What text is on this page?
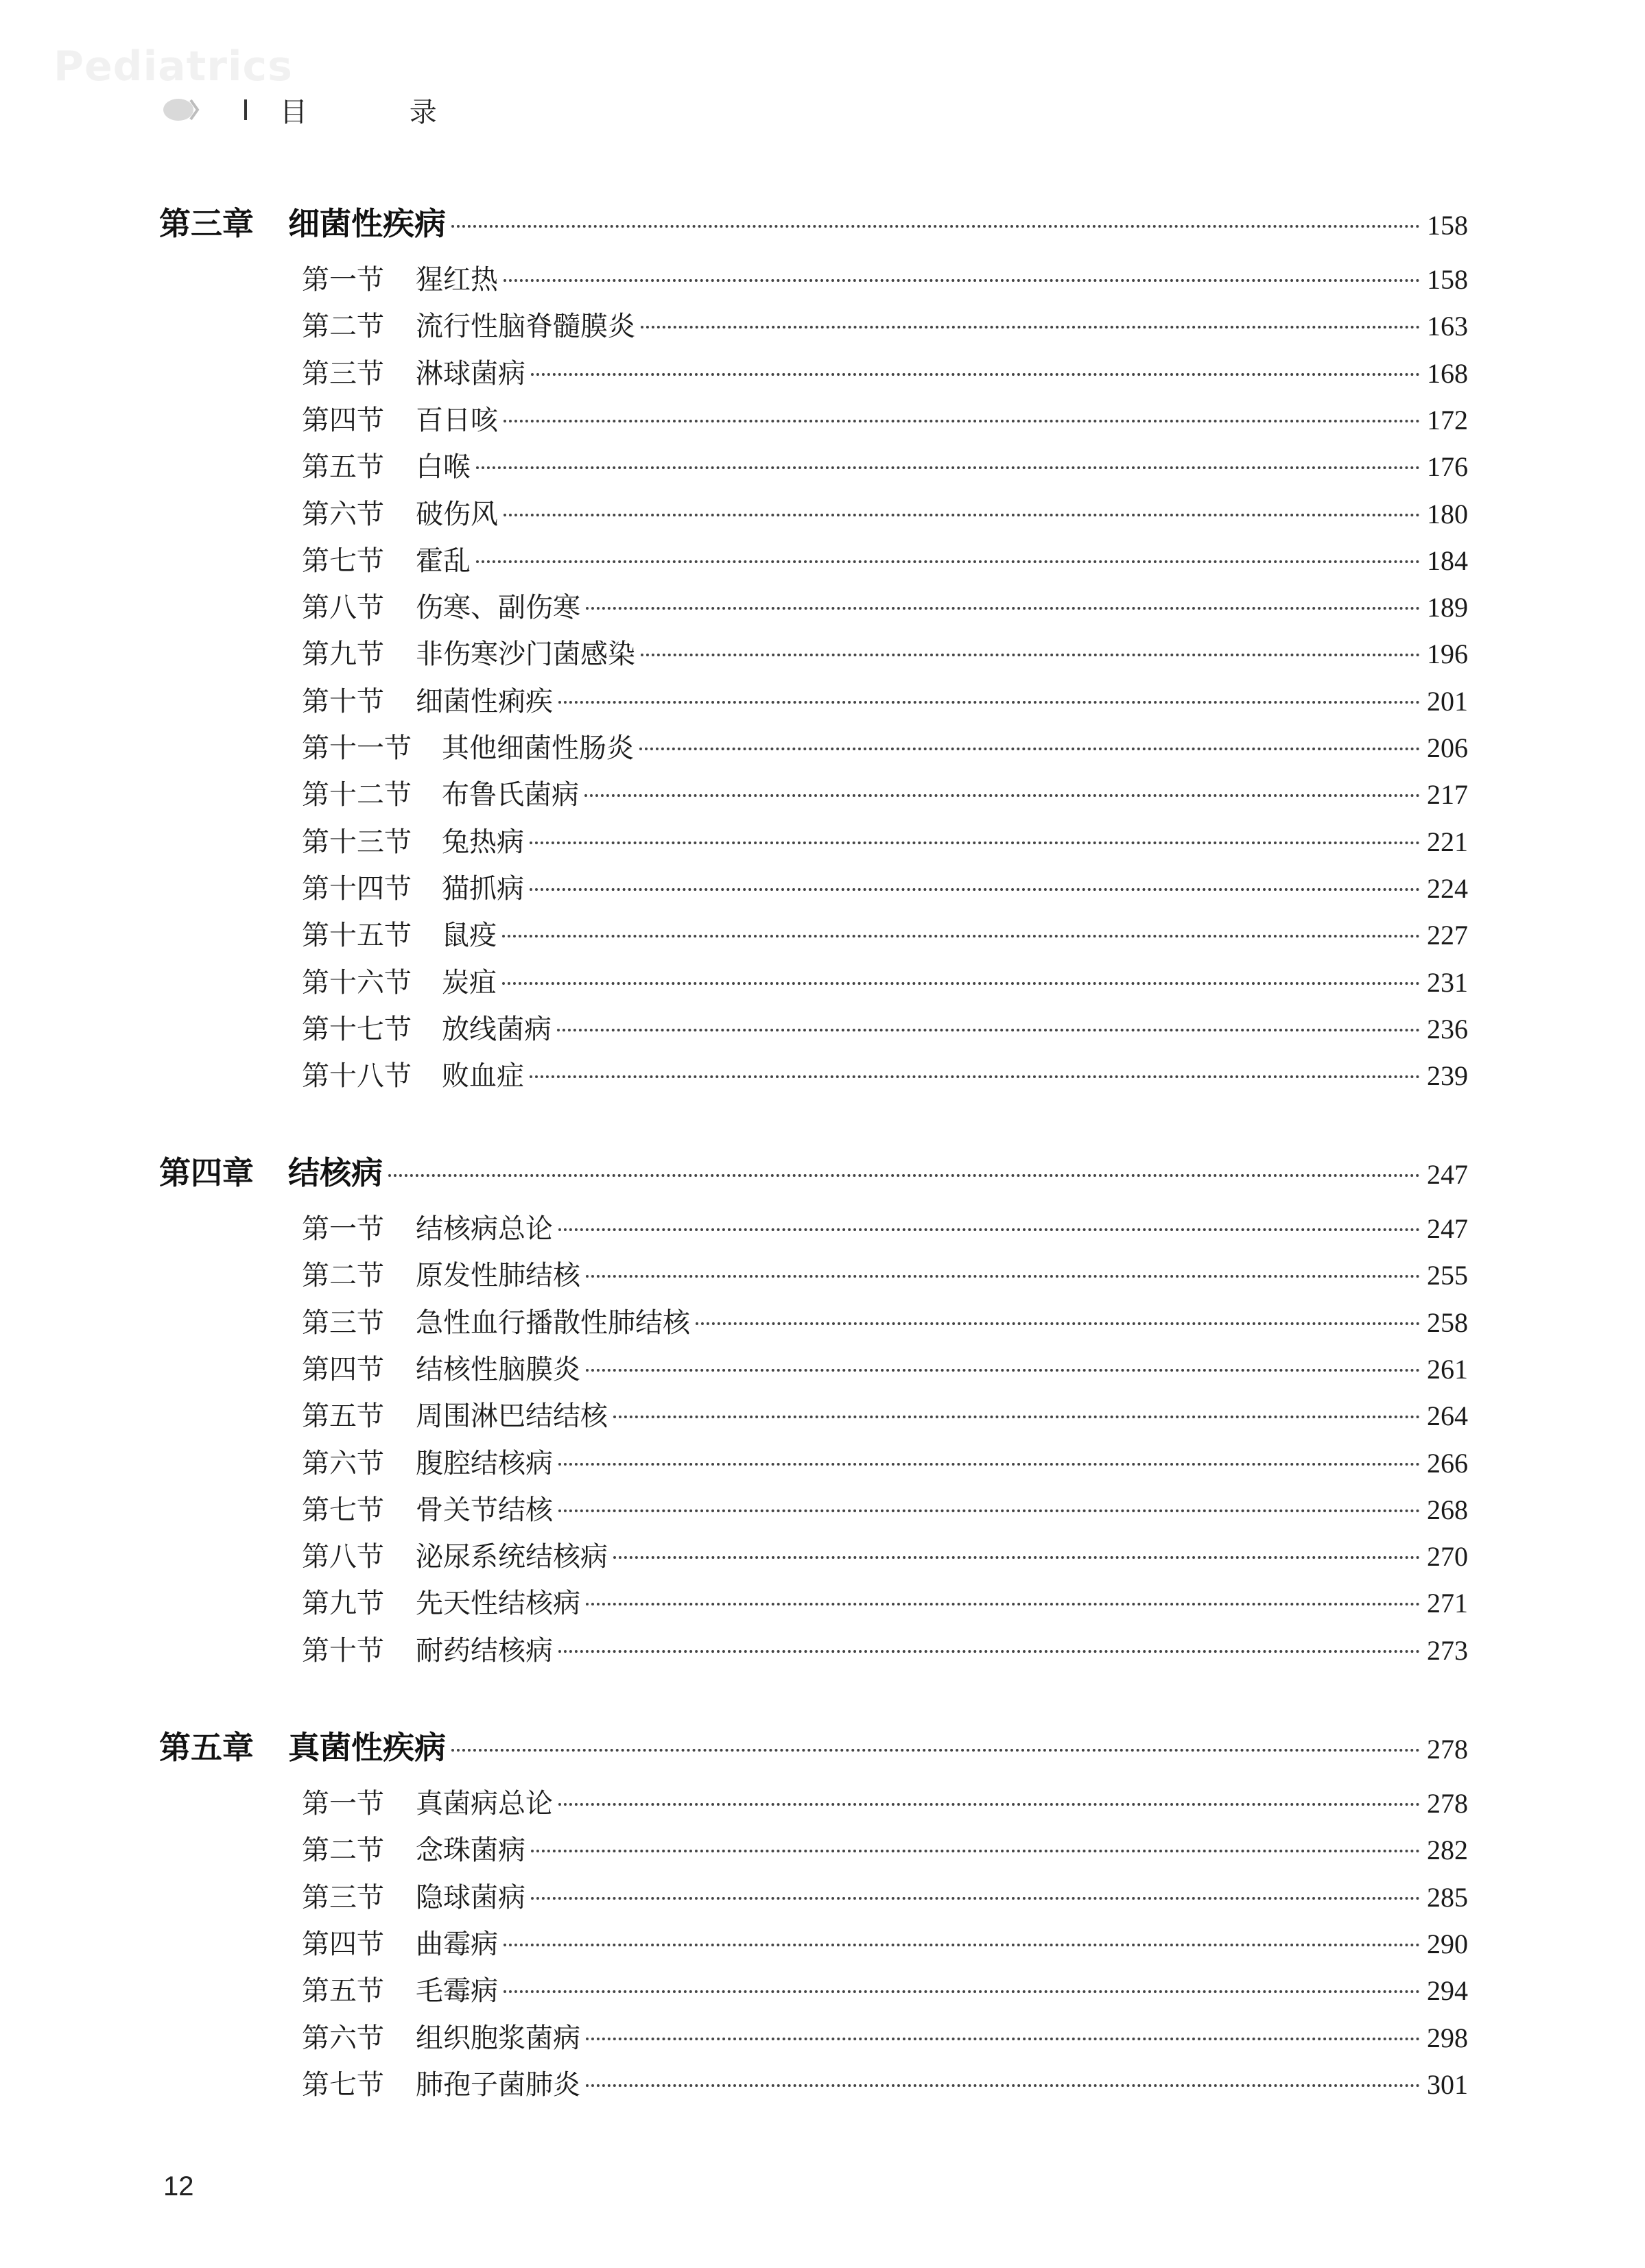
Pediatrics
目 录
第三章 细菌性疾病	158
第一节 猩红热	158
第二节 流行性脑脊髓膜炎	163
第三节 淋球菌病	168
第四节 百日咳	172
第五节 白喉	176
第六节 破伤风	180
第七节 霍乱	184
第八节 伤寒、副伤寒	189
第九节 非伤寒沙门菌感染	196
第十节 细菌性痢疾	201
第十一节 其他细菌性肠炎	206
第十二节 布鲁氏菌病	217
第十三节 兔热病	221
第十四节 猫抓病	224
第十五节 鼠疫	227
第十六节 炭疽	231
第十七节 放线菌病	236
第十八节 败血症	239
第四章 结核病	247
第一节 结核病总论	247
第二节 原发性肺结核	255
第三节 急性血行播散性肺结核	258
第四节 结核性脑膜炎	261
第五节 周围淋巴结结核	264
第六节 腹腔结核病	266
第七节 骨关节结核	268
第八节 泌尿系统结核病	270
第九节 先天性结核病	271
第十节 耐药结核病	273
第五章 真菌性疾病	278
第一节 真菌病总论	278
第二节 念珠菌病	282
第三节 隐球菌病	285
第四节 曲霉病	290
第五节 毛霉病	294
第六节 组织胞浆菌病	298
第七节 肺孢子菌肺炎	301
12
